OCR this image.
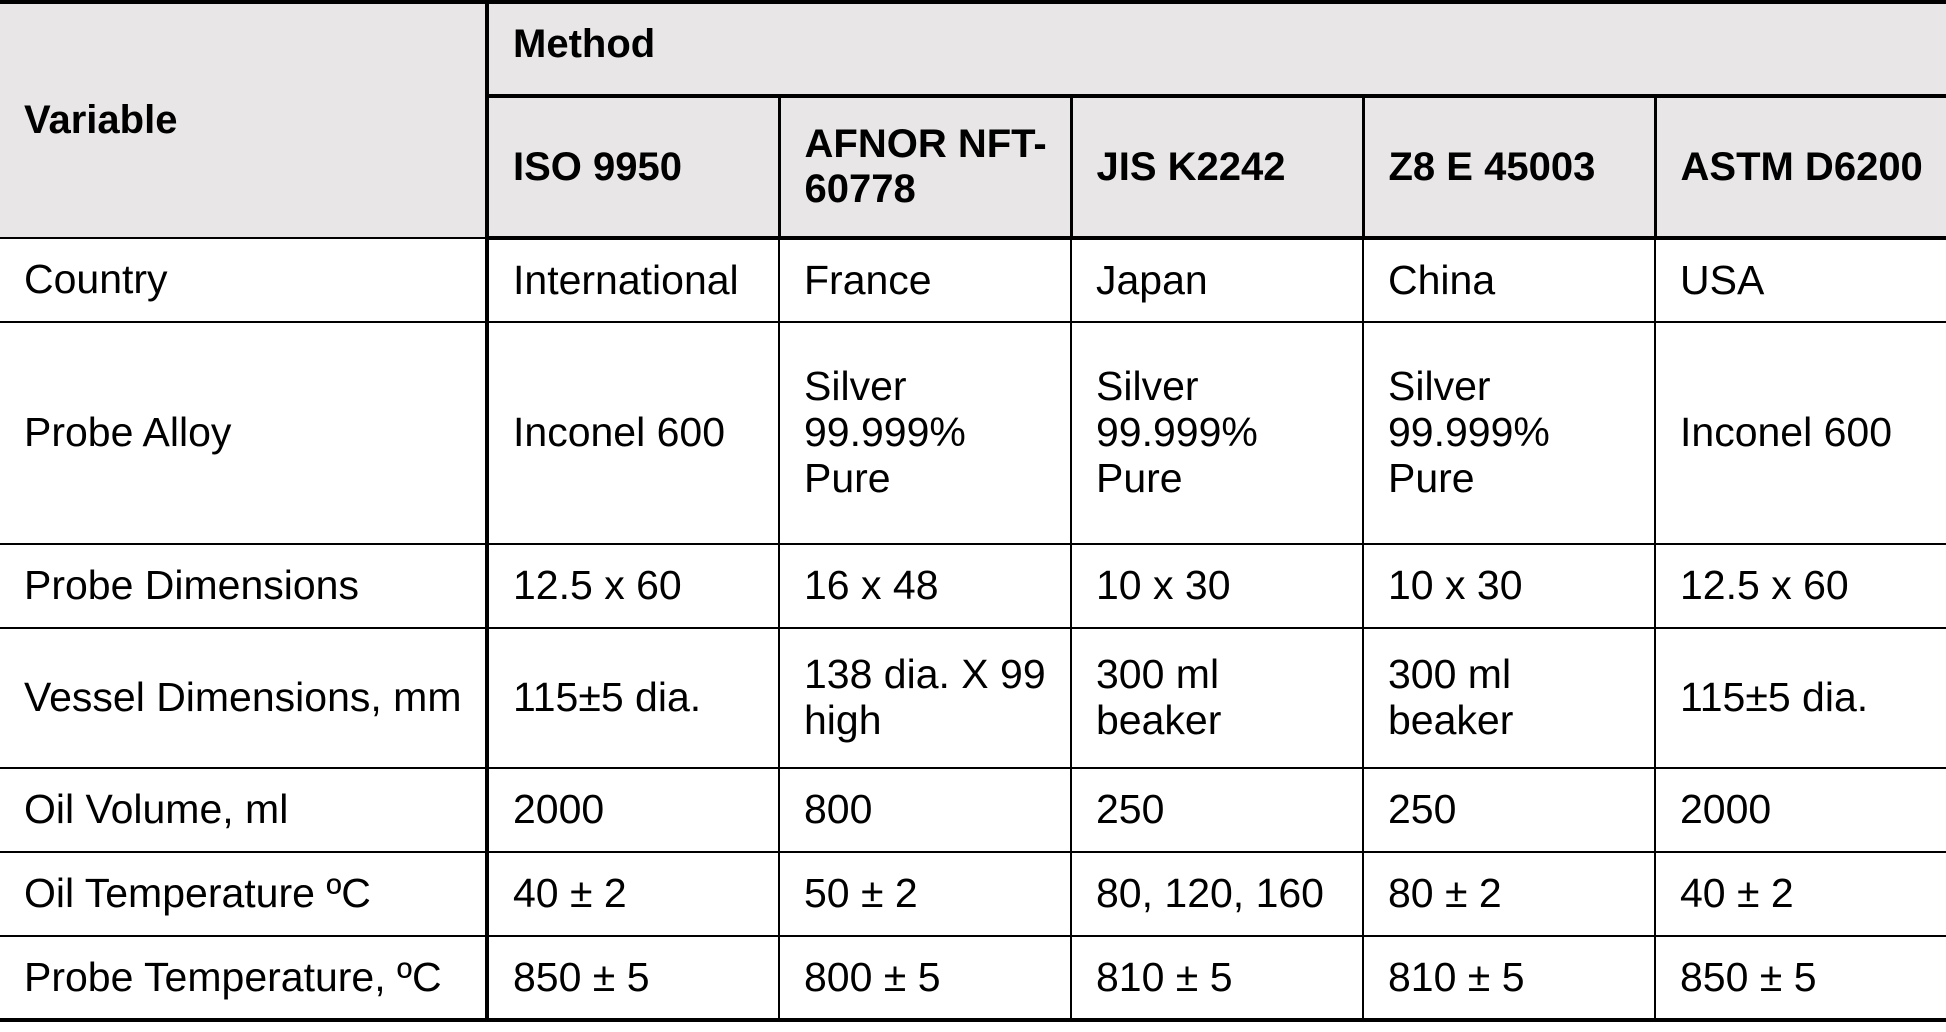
Variable	Method				
	ISO 9950	AFNOR NFT-60778	JIS K2242	Z8 E 45003	ASTM D6200
Country	International	France	Japan	China	USA
Probe Alloy	Inconel 600	Silver 99.999% Pure	Silver 99.999% Pure	Silver 99.999% Pure	Inconel 600
Probe Dimensions	12.5 x 60	16 x 48	10 x 30	10 x 30	12.5 x 60
Vessel Dimensions, mm	115±5 dia.	138 dia. X 99 high	300 ml beaker	300 ml beaker	115±5 dia.
Oil Volume, ml	2000	800	250	250	2000
Oil Temperature ºC	40 ± 2	50 ± 2	80, 120, 160	80 ± 2	40 ± 2
Probe Temperature, ºC	850 ± 5	800 ± 5	810 ± 5	810 ± 5	850 ± 5
